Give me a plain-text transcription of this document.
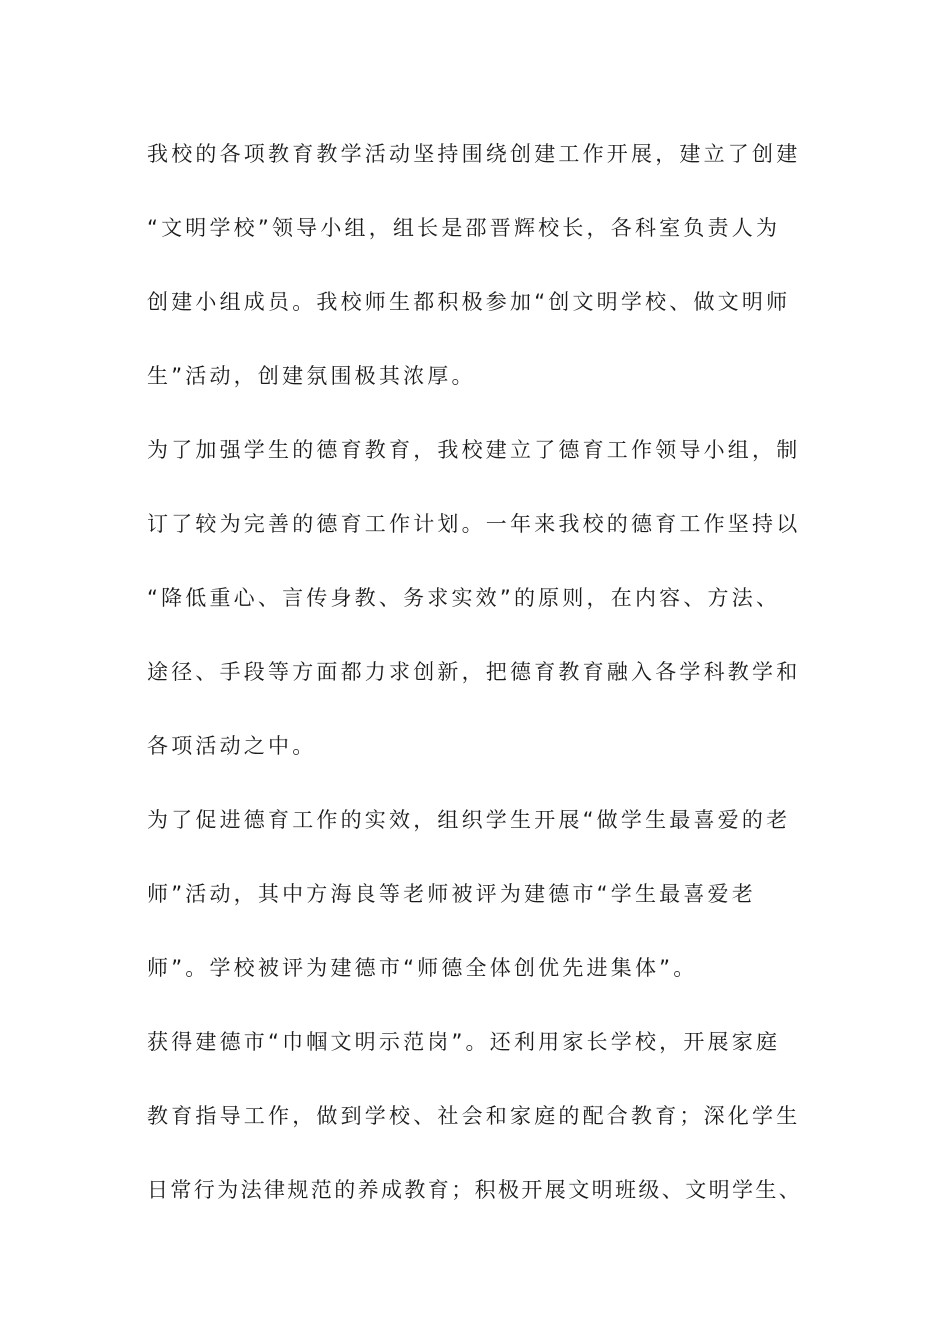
我校的各项教育教学活动坚持围绕创建工作开展，建立了创建
“文明学校”领导小组，组长是邵晋辉校长，各科室负责人为
创建小组成员。我校师生都积极参加“创文明学校、做文明师
生”活动，创建氛围极其浓厚。
为了加强学生的德育教育，我校建立了德育工作领导小组，制
订了较为完善的德育工作计划。一年来我校的德育工作坚持以
“降低重心、言传身教、务求实效”的原则，在内容、方法、
途径、手段等方面都力求创新，把德育教育融入各学科教学和
各项活动之中。
为了促进德育工作的实效，组织学生开展“做学生最喜爱的老
师”活动，其中方海良等老师被评为建德市“学生最喜爱老
师”。学校被评为建德市“师德全体创优先进集体”。
获得建德市“巾帼文明示范岗”。还利用家长学校，开展家庭
教育指导工作，做到学校、社会和家庭的配合教育；深化学生
日常行为法律规范的养成教育；积极开展文明班级、文明学生、
